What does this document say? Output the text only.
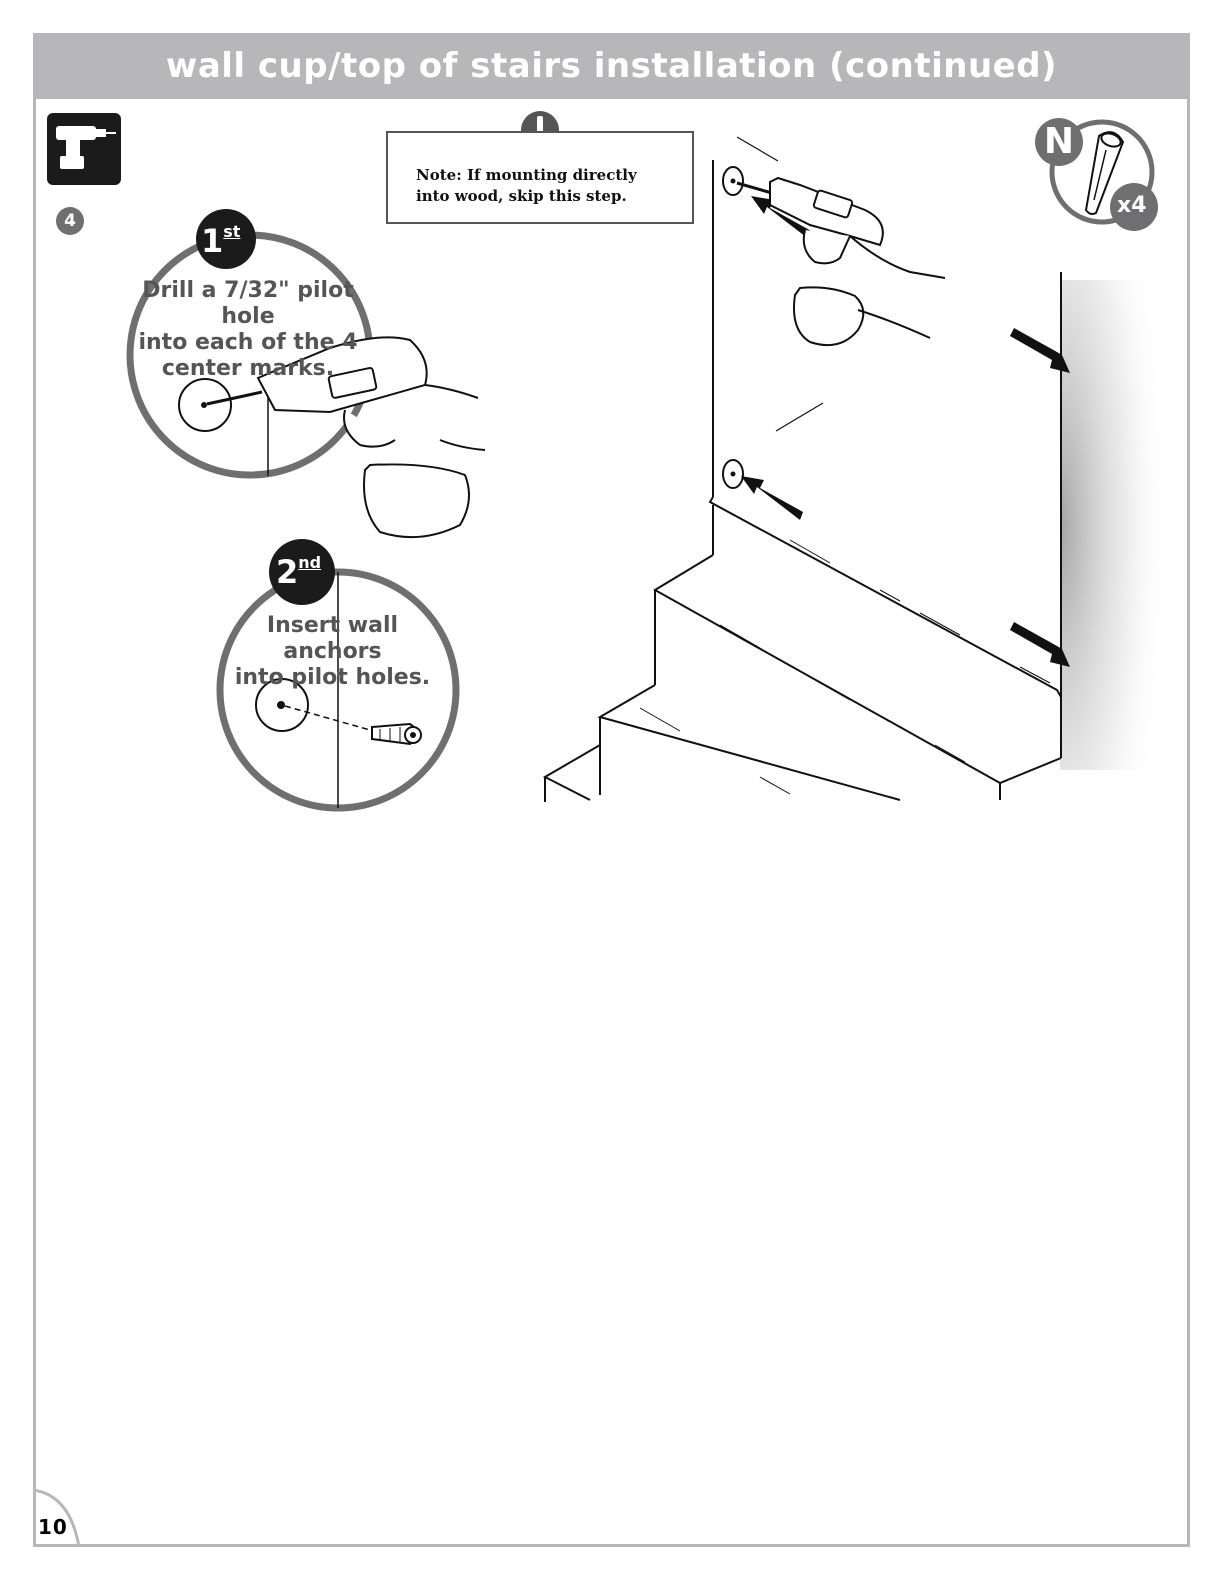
wall cup/top of stairs installation (continued)
Note: If mounting directly
into wood, skip this step.
4
1st
2nd
Drill a 7/32" pilot hole
into each of the 4
center marks.
Insert wall anchors
into pilot holes.
N
x4
10
